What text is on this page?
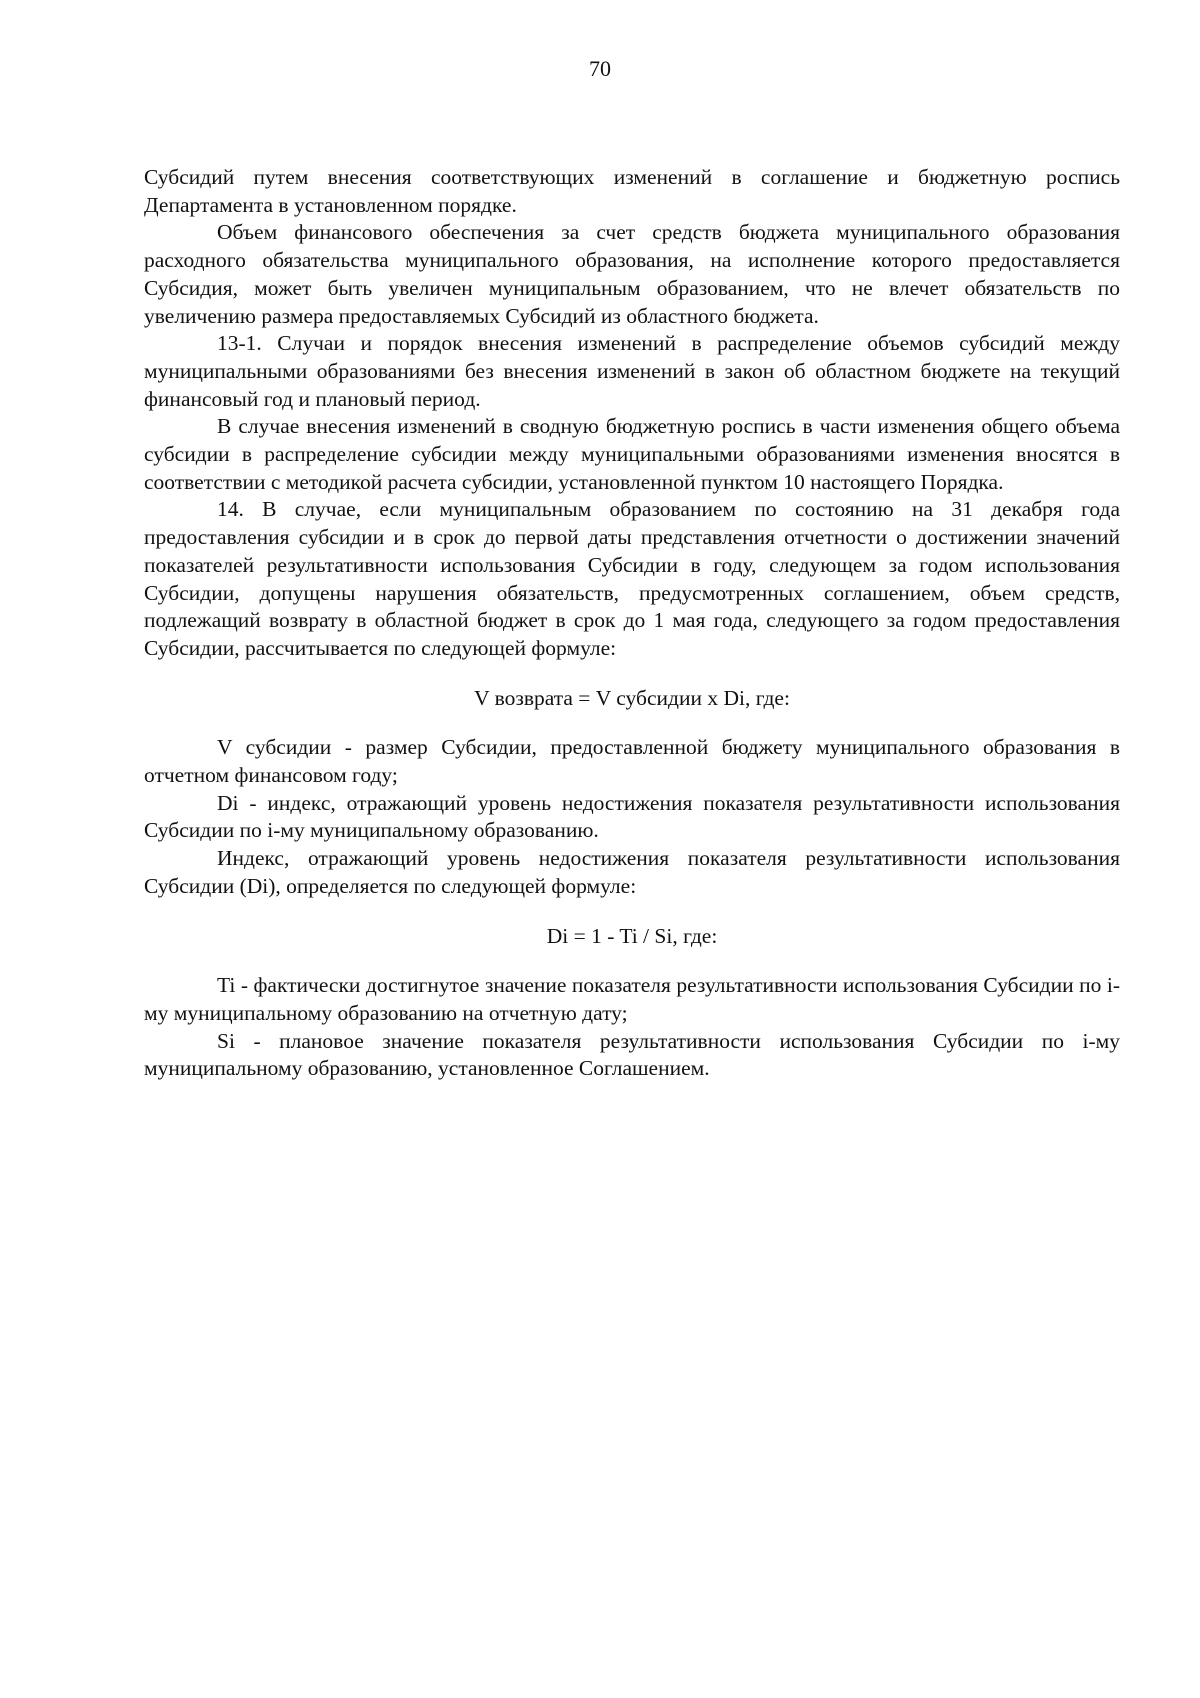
70

Субсидий путем внесения соответствующих изменений в соглашение и бюджетную роспись Департамента в установленном порядке.

Объем финансового обеспечения за счет средств бюджета муниципального образования расходного обязательства муниципального образования, на исполнение которого предоставляется Субсидия, может быть увеличен муниципальным образованием, что не влечет обязательств по увеличению размера предоставляемых Субсидий из областного бюджета.

13-1. Случаи и порядок внесения изменений в распределение объемов субсидий между муниципальными образованиями без внесения изменений в закон об областном бюджете на текущий финансовый год и плановый период.

В случае внесения изменений в сводную бюджетную роспись в части изменения общего объема субсидии в распределение субсидии между муниципальными образованиями изменения вносятся в соответствии с методикой расчета субсидии, установленной пунктом 10 настоящего Порядка.

14. В случае, если муниципальным образованием по состоянию на 31 декабря года предоставления субсидии и в срок до первой даты представления отчетности о достижении значений показателей результативности использования Субсидии в году, следующем за годом использования Субсидии, допущены нарушения обязательств, предусмотренных соглашением, объем средств, подлежащий возврату в областной бюджет в срок до 1 мая года, следующего за годом предоставления Субсидии, рассчитывается по следующей формуле:

V возврата = V субсидии x Di, где:

V субсидии - размер Субсидии, предоставленной бюджету муниципального образования в отчетном финансовом году;

Di - индекс, отражающий уровень недостижения показателя результативности использования Субсидии по i-му муниципальному образованию.

Индекс, отражающий уровень недостижения показателя результативности использования Субсидии (Di), определяется по следующей формуле:

Di = 1 - Ti / Si, где:

Ti - фактически достигнутое значение показателя результативности использования Субсидии по i-му муниципальному образованию на отчетную дату;

Si - плановое значение показателя результативности использования Субсидии по i-му муниципальному образованию, установленное Соглашением.
